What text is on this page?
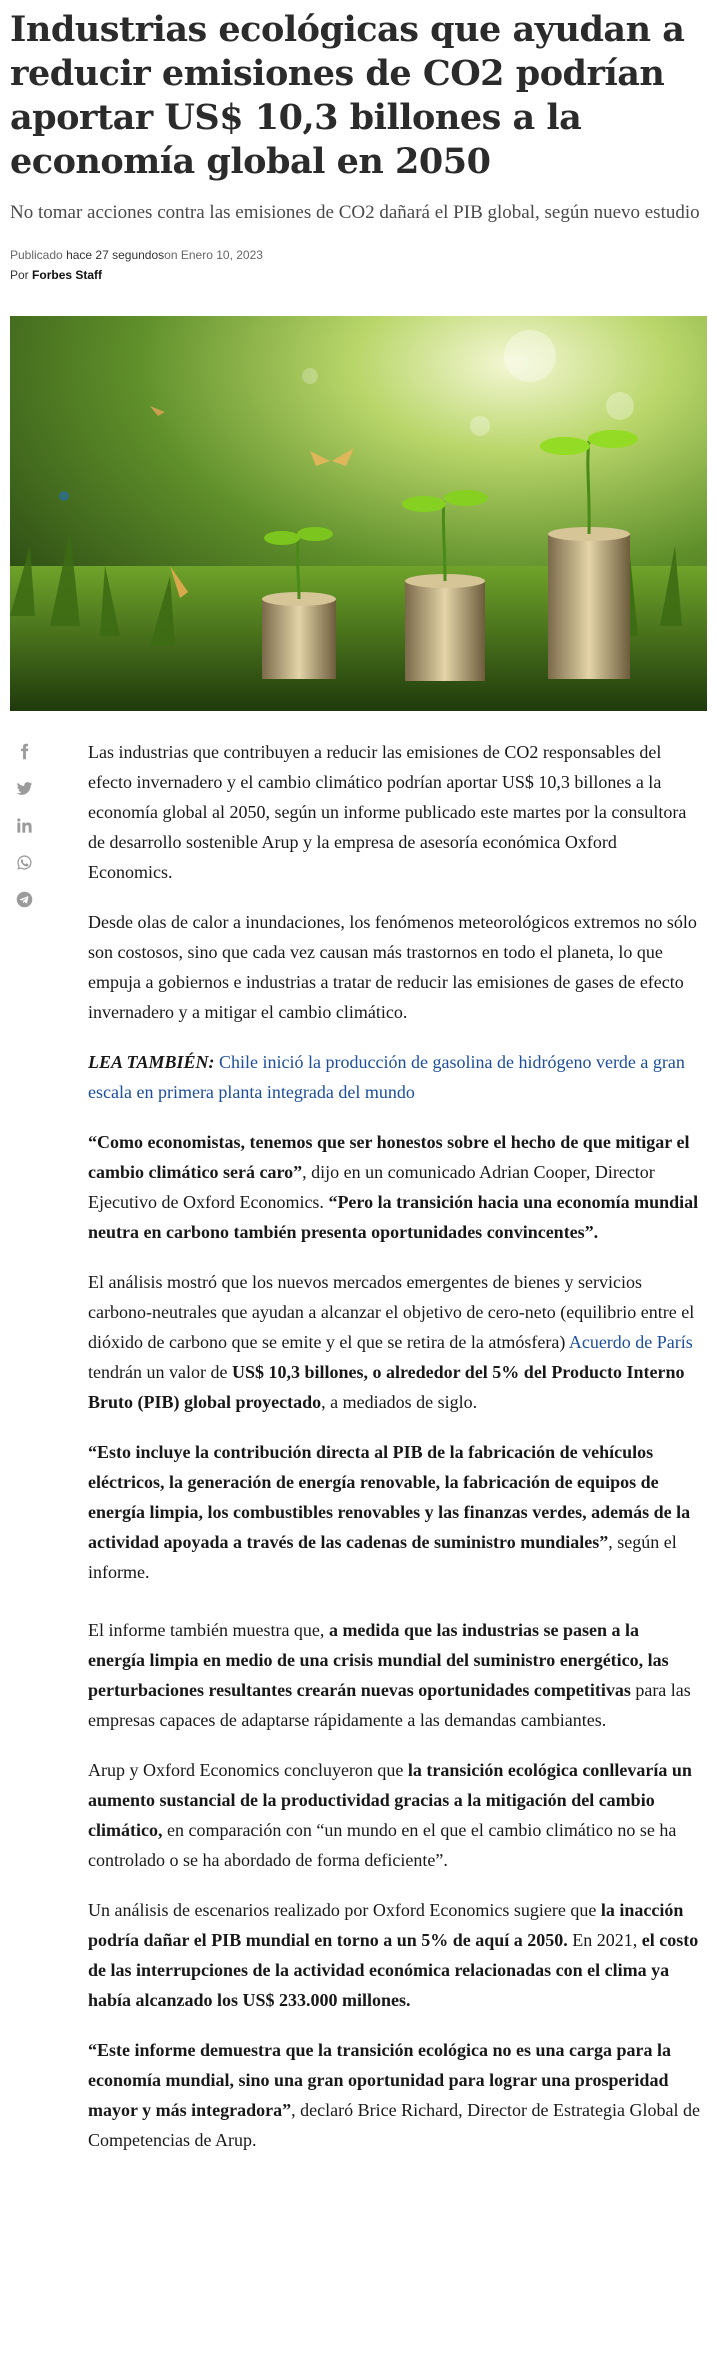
Industrias ecológicas que ayudan a reducir emisiones de CO2 podrían aportar US$ 10,3 billones a la economía global en 2050

No tomar acciones contra las emisiones de CO2 dañará el PIB global, según nuevo estudio

Publicado hace 27 segundoson Enero 10, 2023
Por Forbes Staff

Las industrias que contribuyen a reducir las emisiones de CO2 responsables del efecto invernadero y el cambio climático podrían aportar US$ 10,3 billones a la economía global al 2050, según un informe publicado este martes por la consultora de desarrollo sostenible Arup y la empresa de asesoría económica Oxford Economics.

Desde olas de calor a inundaciones, los fenómenos meteorológicos extremos no sólo son costosos, sino que cada vez causan más trastornos en todo el planeta, lo que empuja a gobiernos e industrias a tratar de reducir las emisiones de gases de efecto invernadero y a mitigar el cambio climático.

LEA TAMBIÉN: Chile inició la producción de gasolina de hidrógeno verde a gran escala en primera planta integrada del mundo

“Como economistas, tenemos que ser honestos sobre el hecho de que mitigar el cambio climático será caro”, dijo en un comunicado Adrian Cooper, Director Ejecutivo de Oxford Economics. “Pero la transición hacia una economía mundial neutra en carbono también presenta oportunidades convincentes”.

El análisis mostró que los nuevos mercados emergentes de bienes y servicios carbono-neutrales que ayudan a alcanzar el objetivo de cero-neto (equilibrio entre el dióxido de carbono que se emite y el que se retira de la atmósfera) Acuerdo de París tendrán un valor de US$ 10,3 billones, o alrededor del 5% del Producto Interno Bruto (PIB) global proyectado, a mediados de siglo.

“Esto incluye la contribución directa al PIB de la fabricación de vehículos eléctricos, la generación de energía renovable, la fabricación de equipos de energía limpia, los combustibles renovables y las finanzas verdes, además de la actividad apoyada a través de las cadenas de suministro mundiales”, según el informe.

El informe también muestra que, a medida que las industrias se pasen a la energía limpia en medio de una crisis mundial del suministro energético, las perturbaciones resultantes crearán nuevas oportunidades competitivas para las empresas capaces de adaptarse rápidamente a las demandas cambiantes.

Arup y Oxford Economics concluyeron que la transición ecológica conllevaría un aumento sustancial de la productividad gracias a la mitigación del cambio climático, en comparación con “un mundo en el que el cambio climático no se ha controlado o se ha abordado de forma deficiente”.

Un análisis de escenarios realizado por Oxford Economics sugiere que la inacción podría dañar el PIB mundial en torno a un 5% de aquí a 2050. En 2021, el costo de las interrupciones de la actividad económica relacionadas con el clima ya había alcanzado los US$ 233.000 millones.

“Este informe demuestra que la transición ecológica no es una carga para la economía mundial, sino una gran oportunidad para lograr una prosperidad mayor y más integradora”, declaró Brice Richard, Director de Estrategia Global de Competencias de Arup.
